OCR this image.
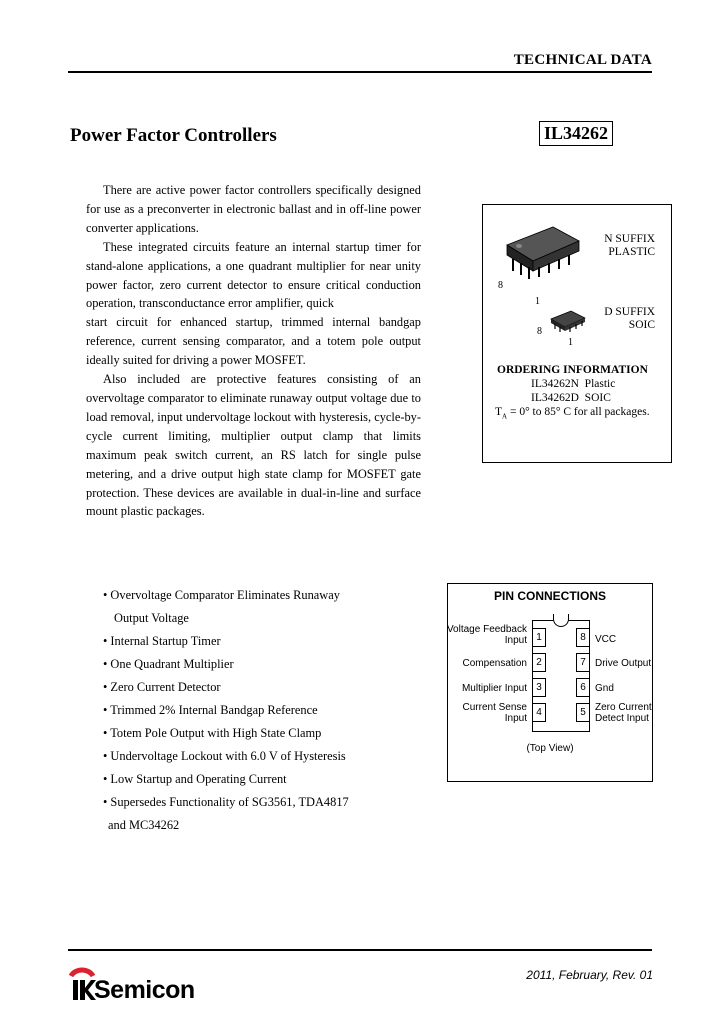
TECHNICAL DATA
Power Factor Controllers	IL34262

There are active power factor controllers specifically designed for use as a preconverter in electronic ballast and in off-line power converter applications.

These integrated circuits feature an internal startup timer for stand-alone applications, a one quadrant multiplier for near unity power factor, zero current detector to ensure critical conduction operation, transconductance error amplifier, quick

start circuit for enhanced startup, trimmed internal bandgap reference, current sensing comparator, and a totem pole output ideally suited for driving a power MOSFET.

Also included are protective features consisting of an overvoltage comparator to eliminate runaway output voltage due to load removal, input undervoltage lockout with hysteresis, cycle-by-cycle current limiting, multiplier output clamp that limits maximum peak switch current, an RS latch for single pulse metering, and a drive output high state clamp for MOSFET gate protection. These devices are available in dual-in-line and surface mount plastic packages.

8
1
N SUFFIX
PLASTIC
8
1
D SUFFIX
SOIC
ORDERING INFORMATION
IL34262N Plastic
IL34262D SOIC
$T_A = 0^\circ$ to 85° C for all packages.
• Overvoltage Comparator Eliminates Runaway
Output Voltage
• Internal Startup Timer
• One Quadrant Multiplier
• Zero Current Detector
• Trimmed 2% Internal Bandgap Reference
• Totem Pole Output with High State Clamp
• Undervoltage Lockout with 6.0 V of Hysteresis
• Low Startup and Operating Current
• Supersedes Functionality of SG3561, TDA4817
and MC34262
PIN CONNECTIONS
1
2
3
4
Voltage Feedback
Input
Compensation
Multiplier Input
Current Sense
Input
8
7
6
5
VCC
Drive Output
Gnd
Zero Current
Detect Input
(Top View)
2011, February, Rev. 01
Semicon
